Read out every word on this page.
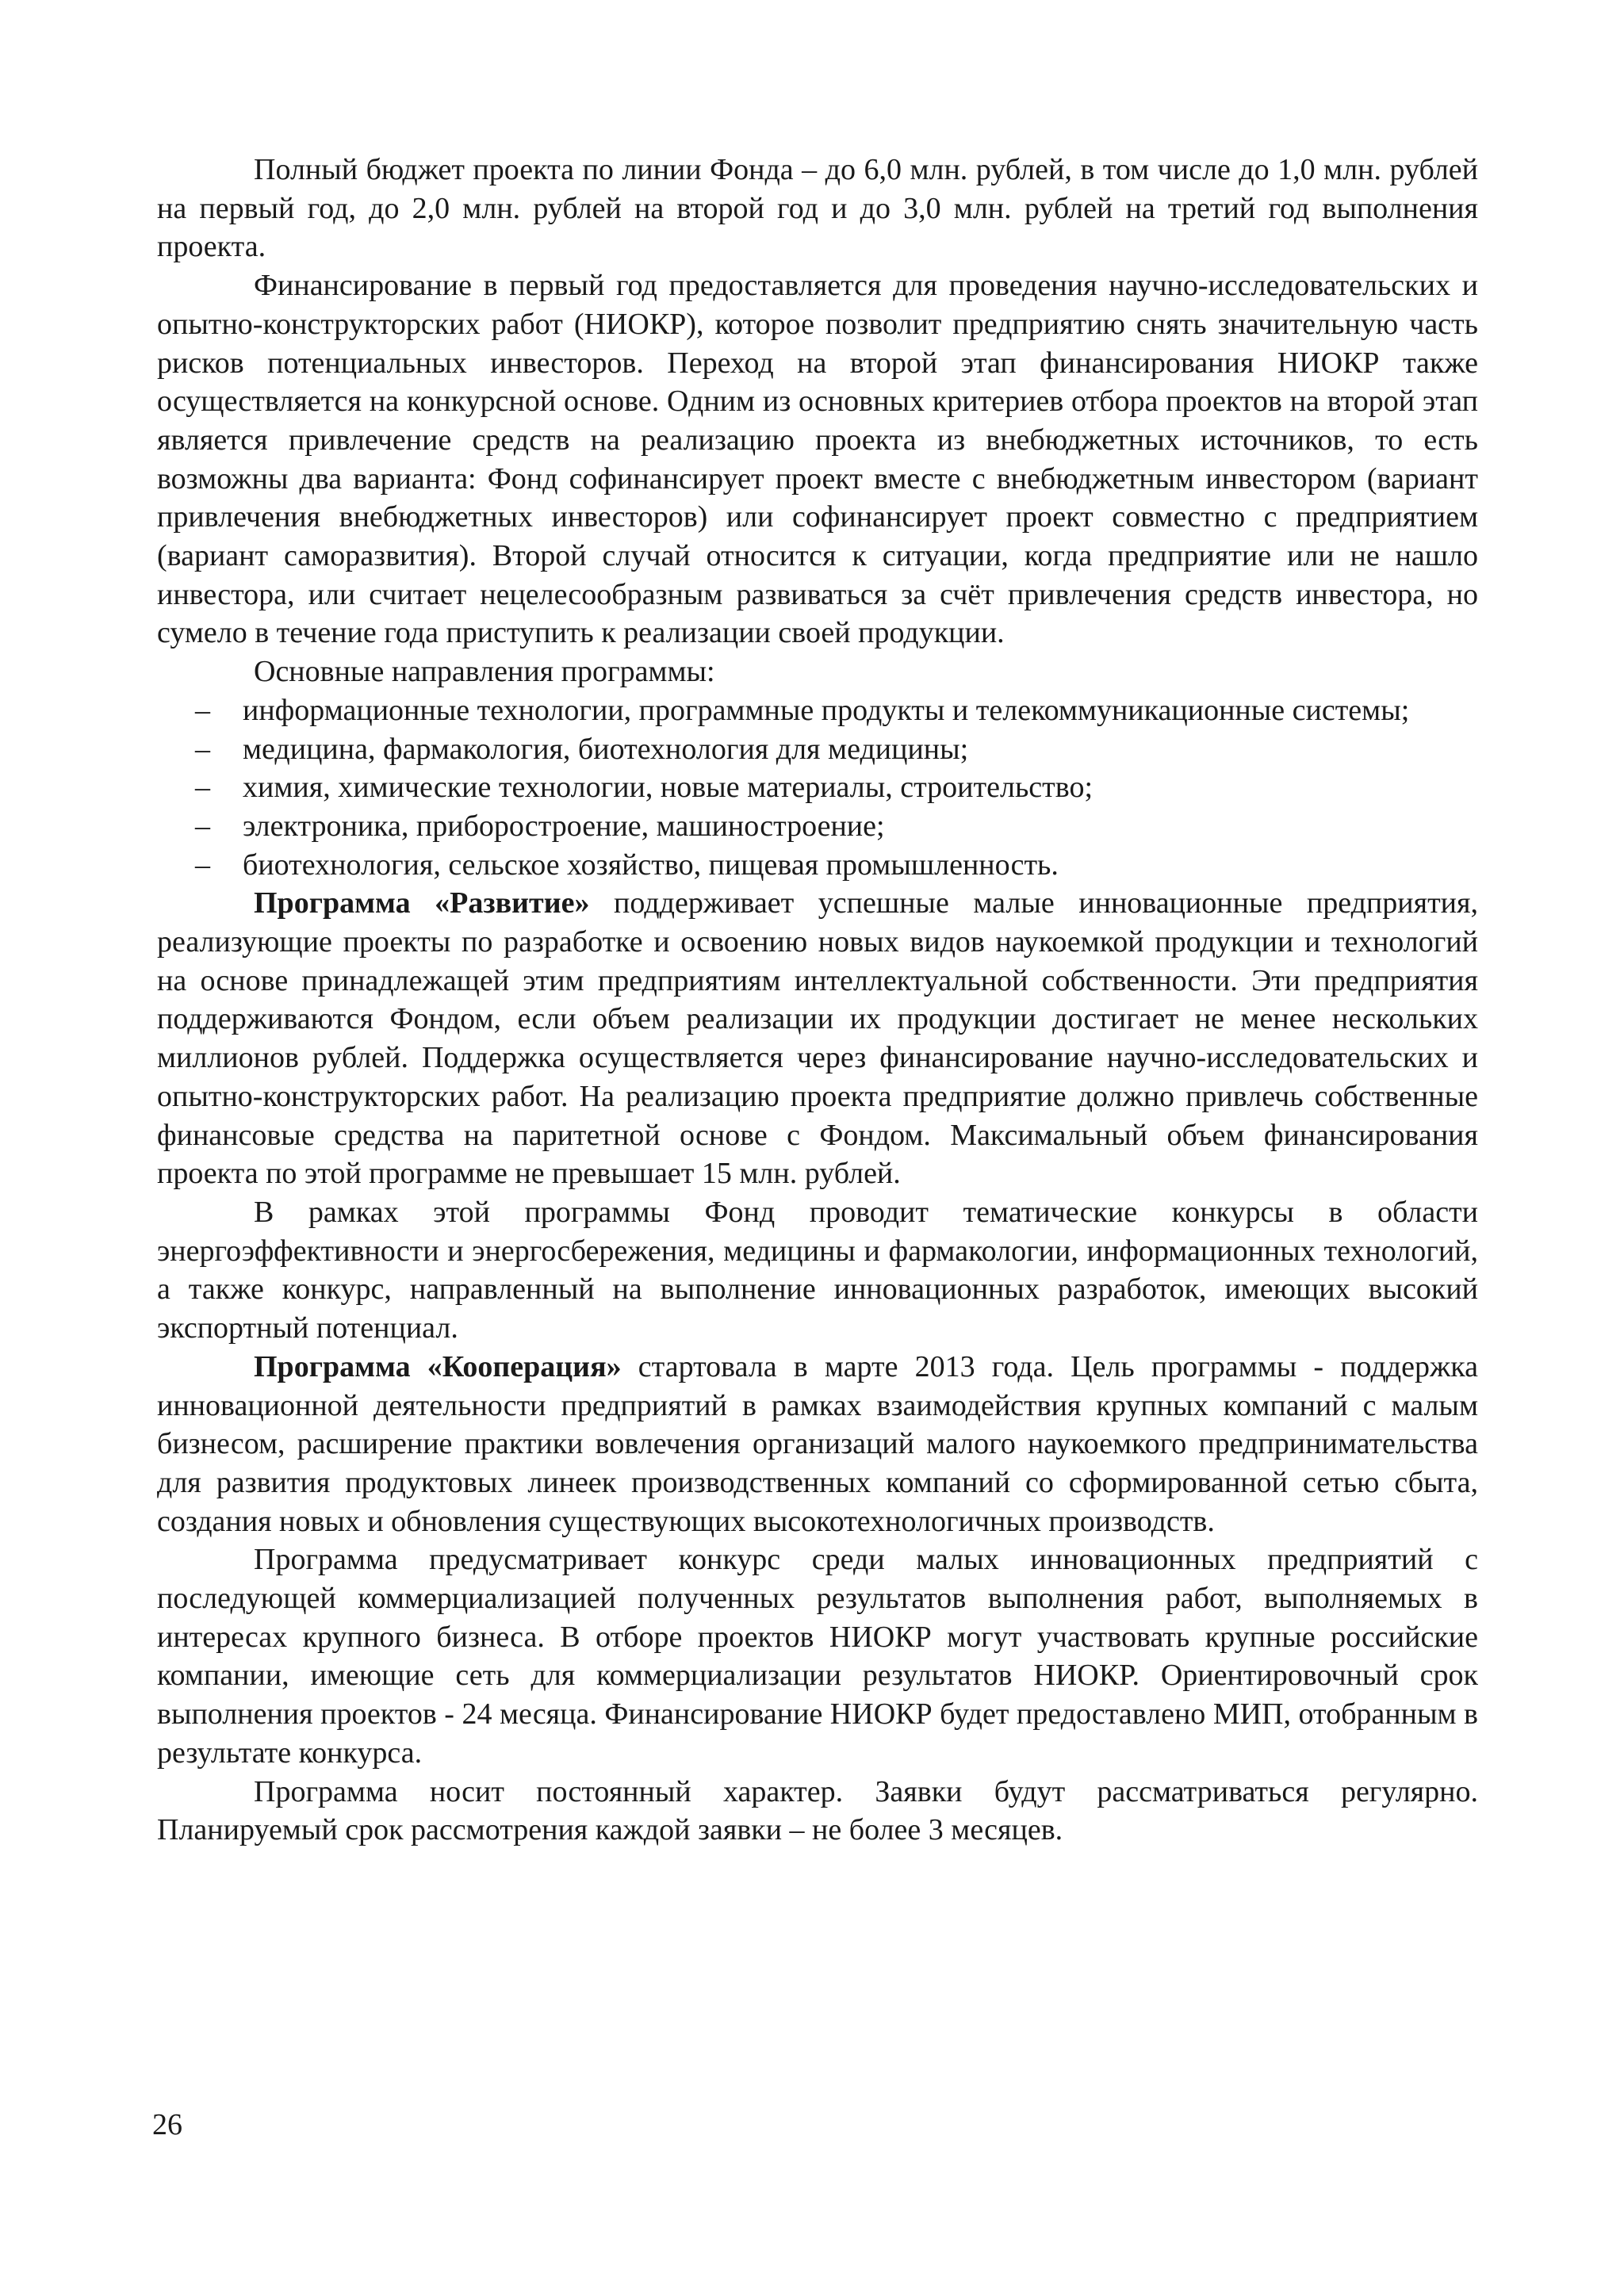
Полный бюджет проекта по линии Фонда – до 6,0 млн. рублей, в том числе до 1,0 млн. рублей на первый год, до 2,0 млн. рублей на второй год и до 3,0 млн. рублей на третий год выполнения проекта.

Финансирование в первый год предоставляется для проведения научно-исследовательских и опытно-конструкторских работ (НИОКР), которое позволит предприятию снять значительную часть рисков потенциальных инвесторов. Переход на второй этап финансирования НИОКР также осуществляется на конкурсной основе. Одним из основных критериев отбора проектов на второй этап является привлечение средств на реализацию проекта из внебюджетных источников, то есть возможны два варианта: Фонд софинансирует проект вместе с внебюджетным инвестором (вариант привлечения внебюджетных инвесторов) или софинансирует проект совместно с предприятием (вариант саморазвития). Второй случай относится к ситуации, когда предприятие или не нашло инвестора, или считает нецелесообразным развиваться за счёт привлечения средств инвестора, но сумело в течение года приступить к реализации своей продукции.

Основные направления программы:

– информационные технологии, программные продукты и телекоммуникационные системы;
– медицина, фармакология, биотехнология для медицины;
– химия, химические технологии, новые материалы, строительство;
– электроника, приборостроение, машиностроение;
– биотехнология, сельское хозяйство, пищевая промышленность.

Программа «Развитие» поддерживает успешные малые инновационные предприятия, реализующие проекты по разработке и освоению новых видов наукоемкой продукции и технологий на основе принадлежащей этим предприятиям интеллектуальной собственности. Эти предприятия поддерживаются Фондом, если объем реализации их продукции достигает не менее нескольких миллионов рублей. Поддержка осуществляется через финансирование научно-исследовательских и опытно-конструкторских работ. На реализацию проекта предприятие должно привлечь собственные финансовые средства на паритетной основе с Фондом. Максимальный объем финансирования проекта по этой программе не превышает 15 млн. рублей.

В рамках этой программы Фонд проводит тематические конкурсы в области энергоэффективности и энергосбережения, медицины и фармакологии, информационных технологий, а также конкурс, направленный на выполнение инновационных разработок, имеющих высокий экспортный потенциал.

Программа «Кооперация» стартовала в марте 2013 года. Цель программы - поддержка инновационной деятельности предприятий в рамках взаимодействия крупных компаний с малым бизнесом, расширение практики вовлечения организаций малого наукоемкого предпринимательства для развития продуктовых линеек производственных компаний со сформированной сетью сбыта, создания новых и обновления существующих высокотехнологичных производств.

Программа предусматривает конкурс среди малых инновационных предприятий с последующей коммерциализацией полученных результатов выполнения работ, выполняемых в интересах крупного бизнеса. В отборе проектов НИОКР могут участвовать крупные российские компании, имеющие сеть для коммерциализации результатов НИОКР. Ориентировочный срок выполнения проектов - 24 месяца. Финансирование НИОКР будет предоставлено МИП, отобранным в результате конкурса.

Программа носит постоянный характер. Заявки будут рассматриваться регулярно. Планируемый срок рассмотрения каждой заявки – не более 3 месяцев.

26
